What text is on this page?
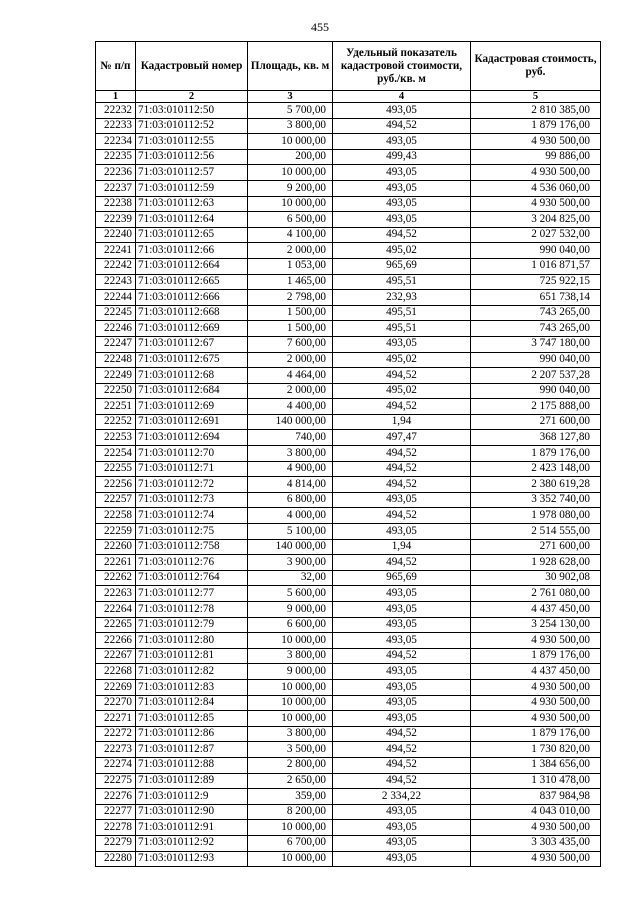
455
№ п/п	Кадастровый номер	Площадь, кв. м	Удельный показатель кадастровой стоимости, руб./кв. м	Кадастровая стоимость, руб.
1	2	3	4	5
22232	71:03:010112:50	5 700,00	493,05	2 810 385,00
22233	71:03:010112:52	3 800,00	494,52	1 879 176,00
22234	71:03:010112:55	10 000,00	493,05	4 930 500,00
22235	71:03:010112:56	200,00	499,43	99 886,00
22236	71:03:010112:57	10 000,00	493,05	4 930 500,00
22237	71:03:010112:59	9 200,00	493,05	4 536 060,00
22238	71:03:010112:63	10 000,00	493,05	4 930 500,00
22239	71:03:010112:64	6 500,00	493,05	3 204 825,00
22240	71:03:010112:65	4 100,00	494,52	2 027 532,00
22241	71:03:010112:66	2 000,00	495,02	990 040,00
22242	71:03:010112:664	1 053,00	965,69	1 016 871,57
22243	71:03:010112:665	1 465,00	495,51	725 922,15
22244	71:03:010112:666	2 798,00	232,93	651 738,14
22245	71:03:010112:668	1 500,00	495,51	743 265,00
22246	71:03:010112:669	1 500,00	495,51	743 265,00
22247	71:03:010112:67	7 600,00	493,05	3 747 180,00
22248	71:03:010112:675	2 000,00	495,02	990 040,00
22249	71:03:010112:68	4 464,00	494,52	2 207 537,28
22250	71:03:010112:684	2 000,00	495,02	990 040,00
22251	71:03:010112:69	4 400,00	494,52	2 175 888,00
22252	71:03:010112:691	140 000,00	1,94	271 600,00
22253	71:03:010112:694	740,00	497,47	368 127,80
22254	71:03:010112:70	3 800,00	494,52	1 879 176,00
22255	71:03:010112:71	4 900,00	494,52	2 423 148,00
22256	71:03:010112:72	4 814,00	494,52	2 380 619,28
22257	71:03:010112:73	6 800,00	493,05	3 352 740,00
22258	71:03:010112:74	4 000,00	494,52	1 978 080,00
22259	71:03:010112:75	5 100,00	493,05	2 514 555,00
22260	71:03:010112:758	140 000,00	1,94	271 600,00
22261	71:03:010112:76	3 900,00	494,52	1 928 628,00
22262	71:03:010112:764	32,00	965,69	30 902,08
22263	71:03:010112:77	5 600,00	493,05	2 761 080,00
22264	71:03:010112:78	9 000,00	493,05	4 437 450,00
22265	71:03:010112:79	6 600,00	493,05	3 254 130,00
22266	71:03:010112:80	10 000,00	493,05	4 930 500,00
22267	71:03:010112:81	3 800,00	494,52	1 879 176,00
22268	71:03:010112:82	9 000,00	493,05	4 437 450,00
22269	71:03:010112:83	10 000,00	493,05	4 930 500,00
22270	71:03:010112:84	10 000,00	493,05	4 930 500,00
22271	71:03:010112:85	10 000,00	493,05	4 930 500,00
22272	71:03:010112:86	3 800,00	494,52	1 879 176,00
22273	71:03:010112:87	3 500,00	494,52	1 730 820,00
22274	71:03:010112:88	2 800,00	494,52	1 384 656,00
22275	71:03:010112:89	2 650,00	494,52	1 310 478,00
22276	71:03:010112:9	359,00	2 334,22	837 984,98
22277	71:03:010112:90	8 200,00	493,05	4 043 010,00
22278	71:03:010112:91	10 000,00	493,05	4 930 500,00
22279	71:03:010112:92	6 700,00	493,05	3 303 435,00
22280	71:03:010112:93	10 000,00	493,05	4 930 500,00
